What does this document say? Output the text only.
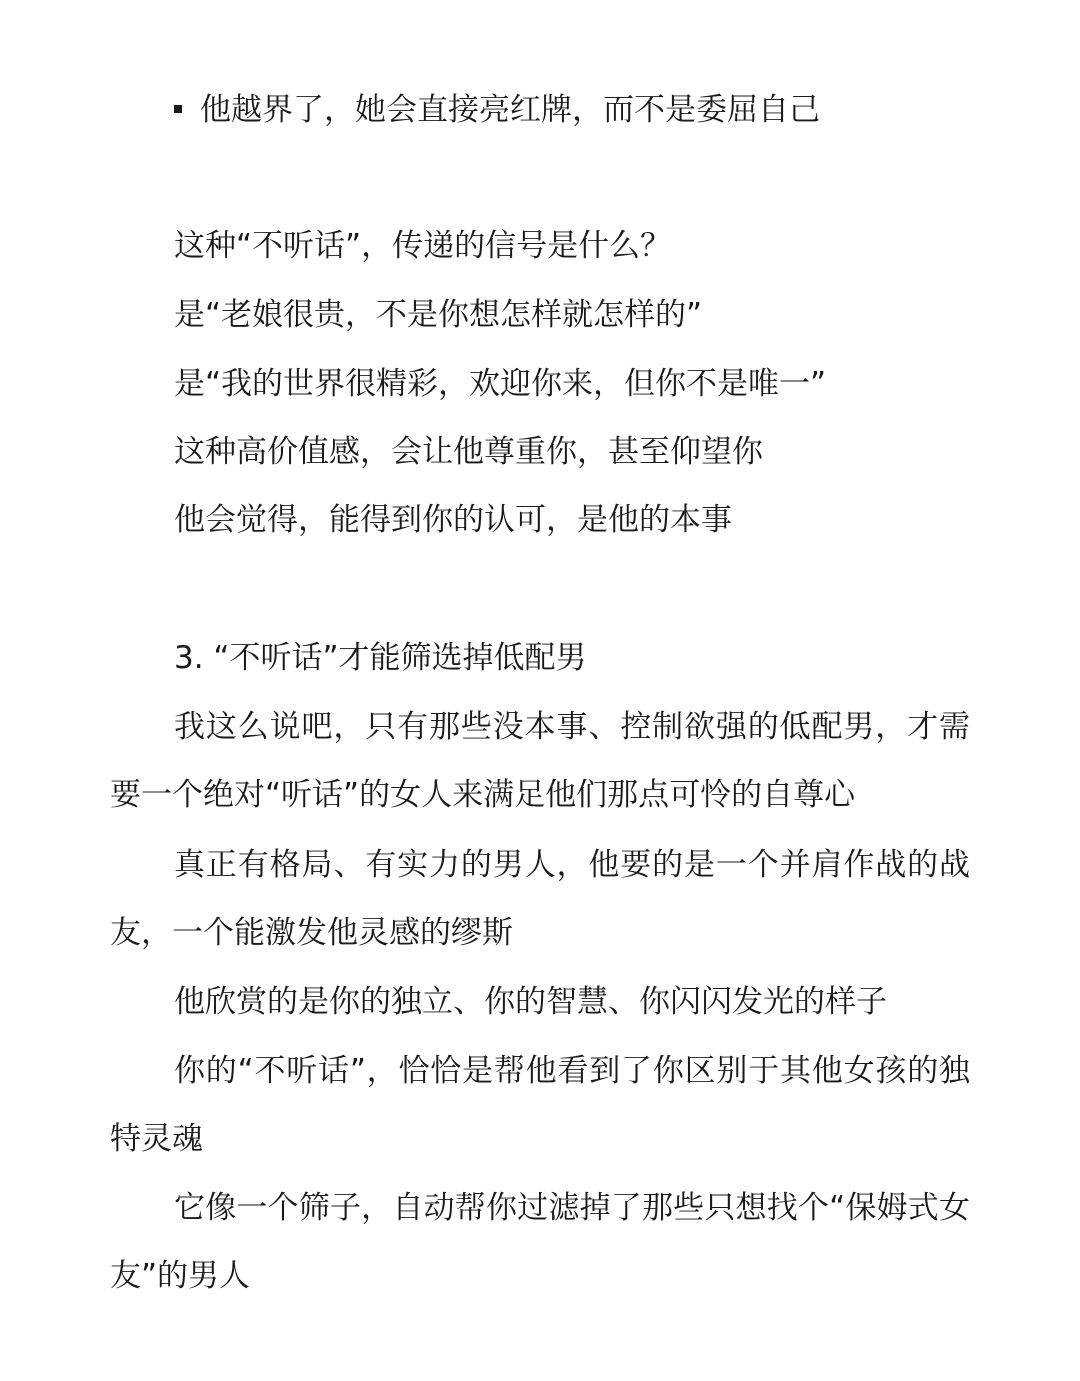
他越界了，她会直接亮红牌，而不是委屈自己
这种“不听话”，传递的信号是什么？
是“老娘很贵，不是你想怎样就怎样的”
是“我的世界很精彩，欢迎你来，但你不是唯一”
这种高价值感，会让他尊重你，甚至仰望你
他会觉得，能得到你的认可，是他的本事
3. “不听话”才能筛选掉低配男
我这么说吧，只有那些没本事、控制欲强的低配男，才需要一个绝对“听话”的女人来满足他们那点可怜的自尊心
真正有格局、有实力的男人，他要的是一个并肩作战的战友，一个能激发他灵感的缪斯
他欣赏的是你的独立、你的智慧、你闪闪发光的样子
你的“不听话”，恰恰是帮他看到了你区别于其他女孩的独特灵魂
它像一个筛子，自动帮你过滤掉了那些只想找个“保姆式女友”的男人
